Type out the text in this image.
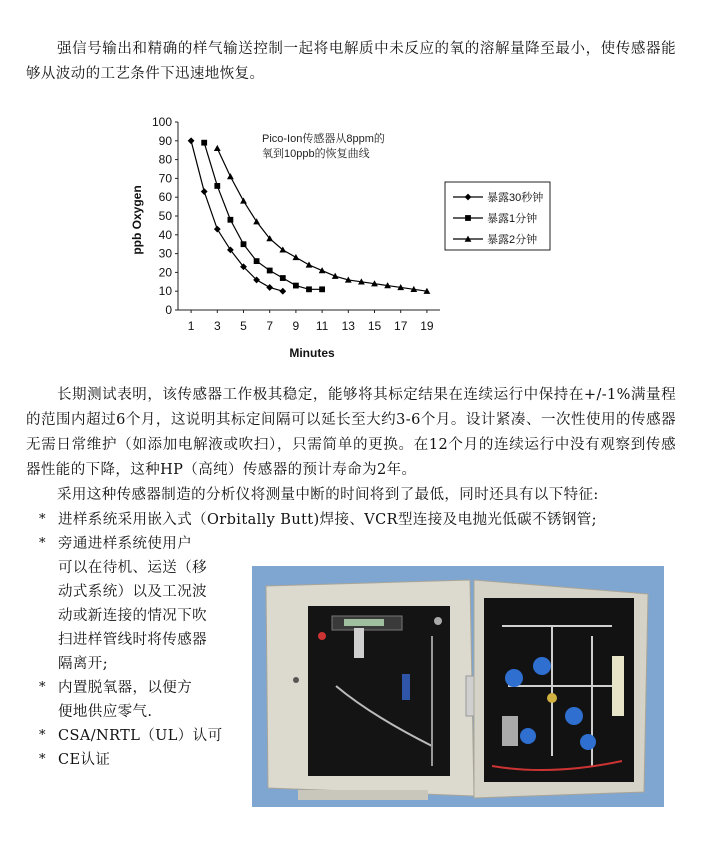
强信号输出和精确的样气输送控制一起将电解质中未反应的氧的溶解量降至最小，使传感器能够从波动的工艺条件下迅速地恢复。
0
10
20
30
40
50
60
70
80
90
100
1 3 5 7 9 11 13 15 17 19
Pico-Ion传感器从8ppm的
氧到10ppb的恢复曲线
Minutes
ppb Oxygen	暴露30秒钟
暴露1分钟
暴露2分钟
长期测试表明，该传感器工作极其稳定，能够将其标定结果在连续运行中保持在+/-1%满量程的范围内超过6个月，这说明其标定间隔可以延长至大约3-6个月。设计紧凑、一次性使用的传感器无需日常维护（如添加电解液或吹扫），只需简单的更换。在12个月的连续运行中没有观察到传感器性能的下降，这种HP（高纯）传感器的预计寿命为2年。
采用这种传感器制造的分析仪将测量中断的时间将到了最低，同时还具有以下特征:
* 进样系统采用嵌入式（Orbitally Butt)焊接、VCR型连接及电抛光低碳不锈钢管;
* 旁通进样系统使用户
可以在待机、运送（移
动式系统）以及工况波
动或新连接的情况下吹
扫进样管线时将传感器
隔离开;
* 内置脱氧器，以便方
便地供应零气.
* CSA/NRTL（UL）认可
* CE认证
